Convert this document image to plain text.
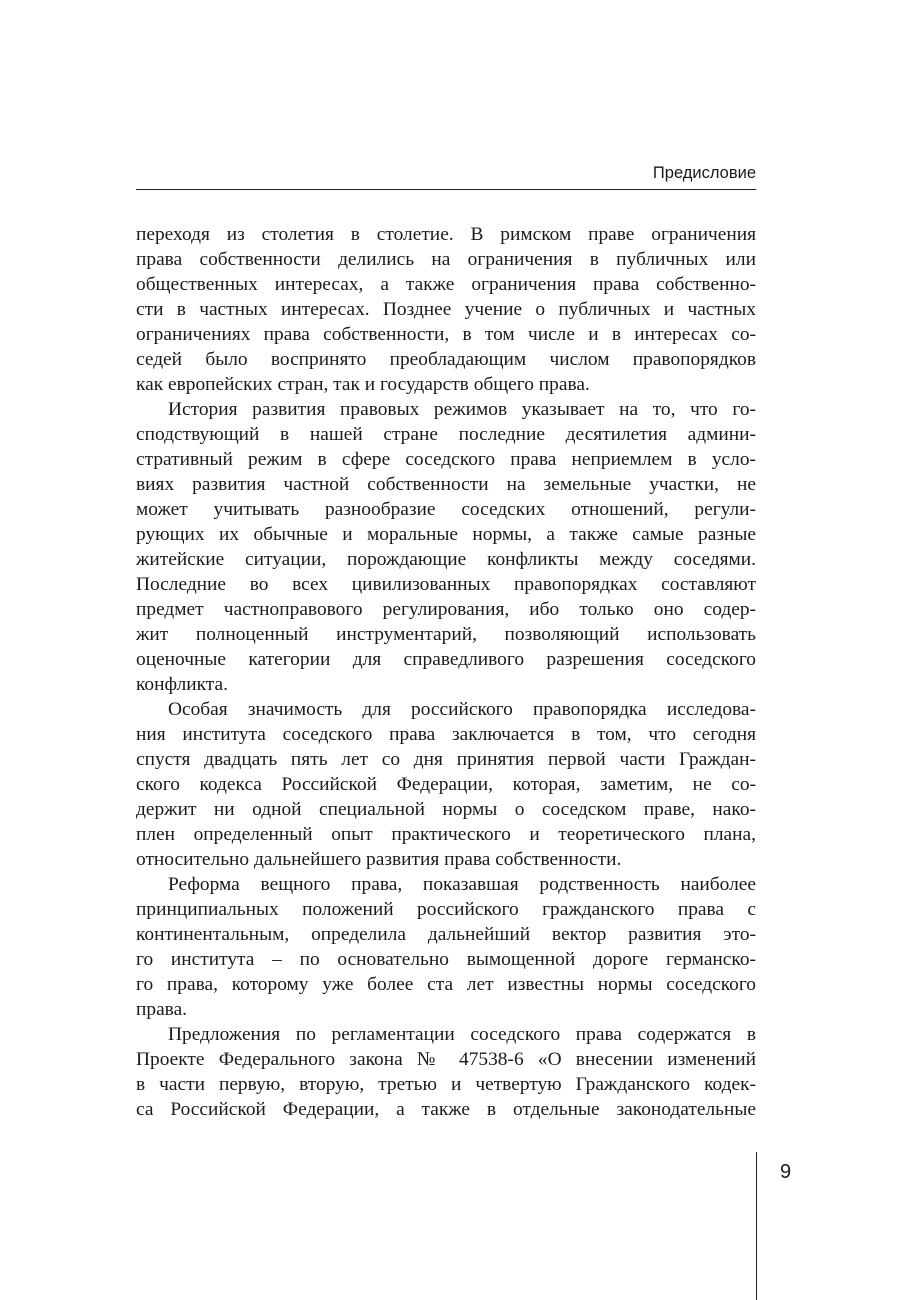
Предисловие
переходя из столетия в столетие. В римском праве ограничения
права собственности делились на ограничения в публичных или
общественных интересах, а также ограничения права собственно-
сти в частных интересах. Позднее учение о публичных и частных
ограничениях права собственности, в том числе и в интересах со-
седей было воспринято преобладающим числом правопорядков
как европейских стран, так и государств общего права.
История развития правовых режимов указывает на то, что го-
сподствующий в нашей стране последние десятилетия админи-
стративный режим в сфере соседского права неприемлем в усло-
виях развития частной собственности на земельные участки, не
может учитывать разнообразие соседских отношений, регули-
рующих их обычные и моральные нормы, а также самые разные
житейские ситуации, порождающие конфликты между соседями.
Последние во всех цивилизованных правопорядках составляют
предмет частноправового регулирования, ибо только оно содер-
жит полноценный инструментарий, позволяющий использовать
оценочные категории для справедливого разрешения соседского
конфликта.
Особая значимость для российского правопорядка исследова-
ния института соседского права заключается в том, что сегодня
спустя двадцать пять лет со дня принятия первой части Граждан-
ского кодекса Российской Федерации, которая, заметим, не со-
держит ни одной специальной нормы о соседском праве, нако-
плен определенный опыт практического и теоретического плана,
относительно дальнейшего развития права собственности.
Реформа вещного права, показавшая родственность наиболее
принципиальных положений российского гражданского права с
континентальным, определила дальнейший вектор развития это-
го института – по основательно вымощенной дороге германско-
го права, которому уже более ста лет известны нормы соседского
права.
Предложения по регламентации соседского права содержатся в
Проекте Федерального закона № 47538-6 «О внесении изменений
в части первую, вторую, третью и четвертую Гражданского кодек-
са Российской Федерации, а также в отдельные законодательные
9
